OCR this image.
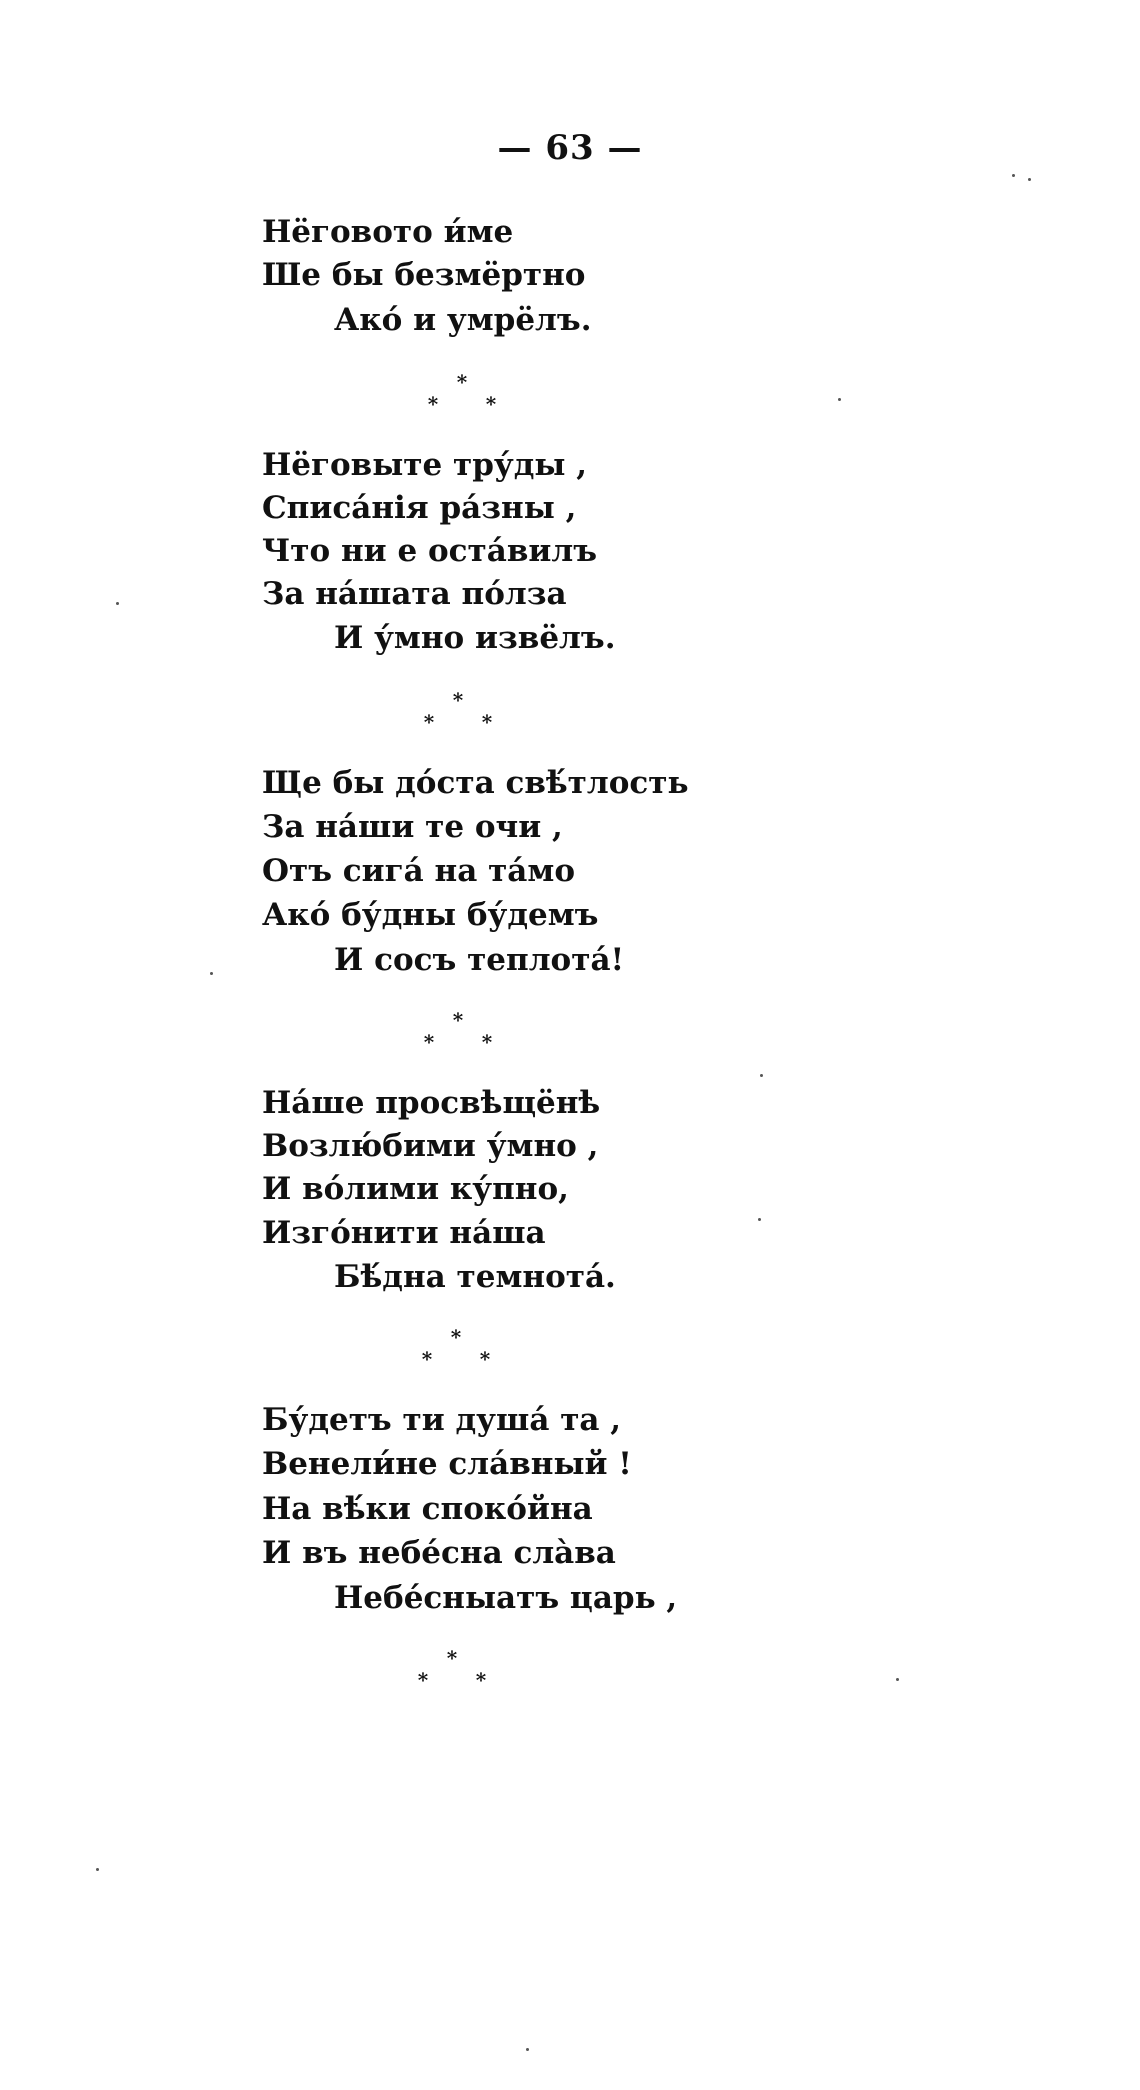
— 63 —
Нёговото и́ме
Ше бы безмёртно
Ако́ и умрёлъ.
Нёговыте тру́ды ,
Списа́нія ра́зны ,
Что ни е оста́вилъ
За на́шата по́лза
И у́мно извёлъ.
Ще бы до́ста свѣ́тлость
За на́ши те очи ,
Отъ сига́ на та́мо
Ако́ бу́дны бу́демъ
И сосъ теплота́!
На́ше просвѣщёнѣ
Возлю́бими у́мно ,
И во́лими ку́пно,
Изго́нити на́ша
Бѣ́дна темнота́.
Бу́детъ ти душа́ та ,
Венели́не сла́вный !
На вѣ́ки споко́йна
И въ небе́сна сла̀ва
Небе́сныатъ царь ,
*
* *
*
* *
*
* *
*
* *
*
* *
